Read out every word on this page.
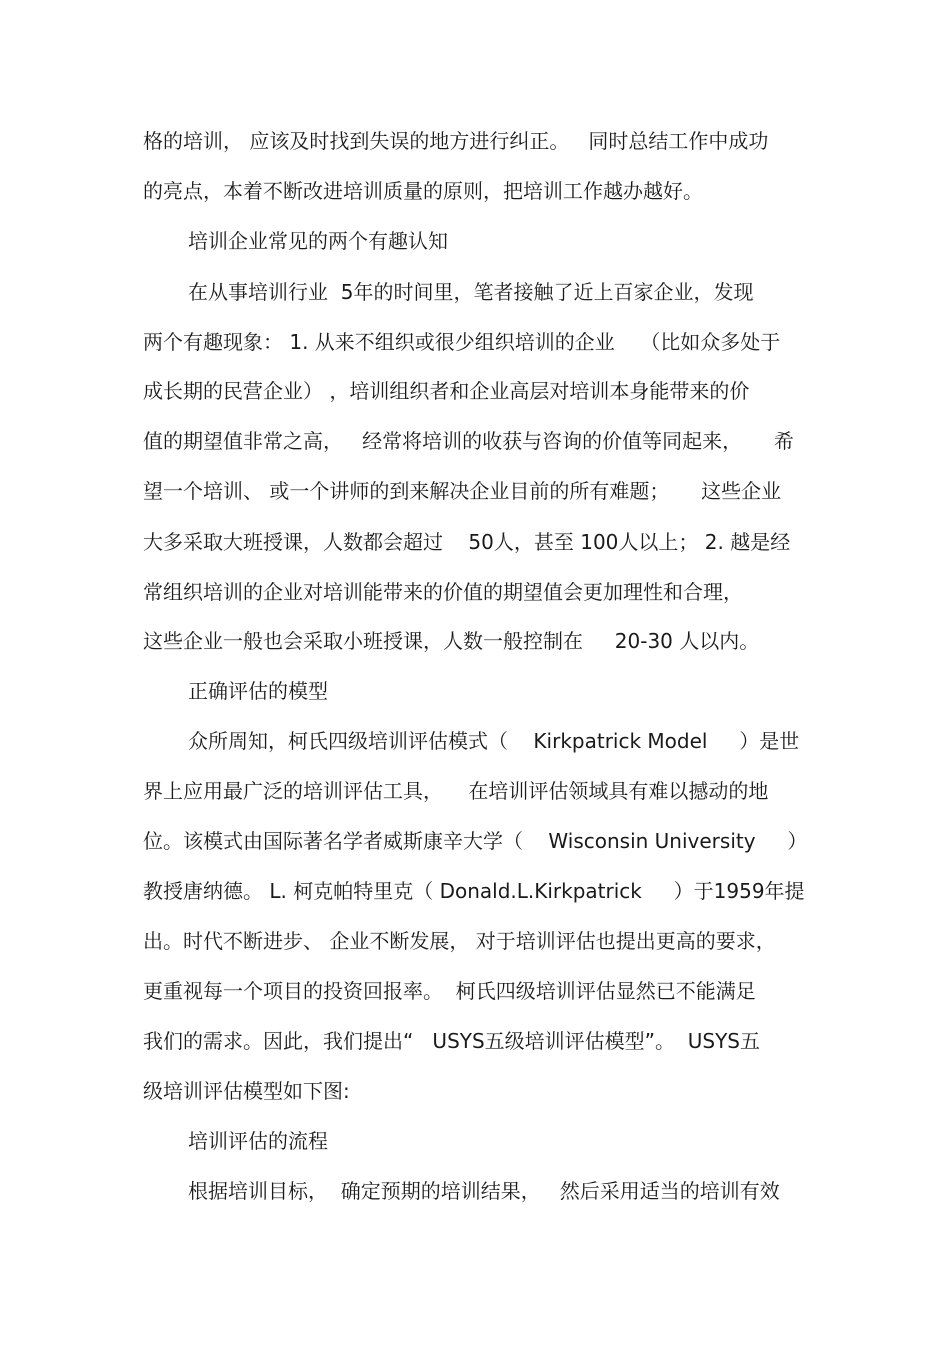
格的培训， 应该及时找到失误的地方进行纠正。   同时总结工作中成功
的亮点，本着不断改进培训质量的原则，把培训工作越办越好。
培训企业常见的两个有趣认知
在从事培训行业  5年的时间里，笔者接触了近上百家企业，发现
两个有趣现象： 1. 从来不组织或很少组织培训的企业    （比如众多处于
成长期的民营企业） ，培训组织者和企业高层对培训本身能带来的价
值的期望值非常之高，   经常将培训的收获与咨询的价值等同起来，     希
望一个培训、 或一个讲师的到来解决企业目前的所有难题；     这些企业
大多采取大班授课，人数都会超过    50人，甚至 100人以上； 2. 越是经
常组织培训的企业对培训能带来的价值的期望值会更加理性和合理，
这些企业一般也会采取小班授课，人数一般控制在     20-30 人以内。
正确评估的模型
众所周知，柯氏四级培训评估模式（    Kirkpatrick Model     ）是世
界上应用最广泛的培训评估工具，    在培训评估领域具有难以撼动的地
位。该模式由国际著名学者威斯康辛大学（    Wisconsin University     ）
教授唐纳德。 L. 柯克帕特里克（ Donald.L.Kirkpatrick     ）于1959年提
出。时代不断进步、 企业不断发展， 对于培训评估也提出更高的要求，
更重视每一个项目的投资回报率。  柯氏四级培训评估显然已不能满足
我们的需求。因此，我们提出“   USYS五级培训评估模型”。  USYS五
级培训评估模型如下图:
培训评估的流程
根据培训目标，  确定预期的培训结果，   然后采用适当的培训有效
